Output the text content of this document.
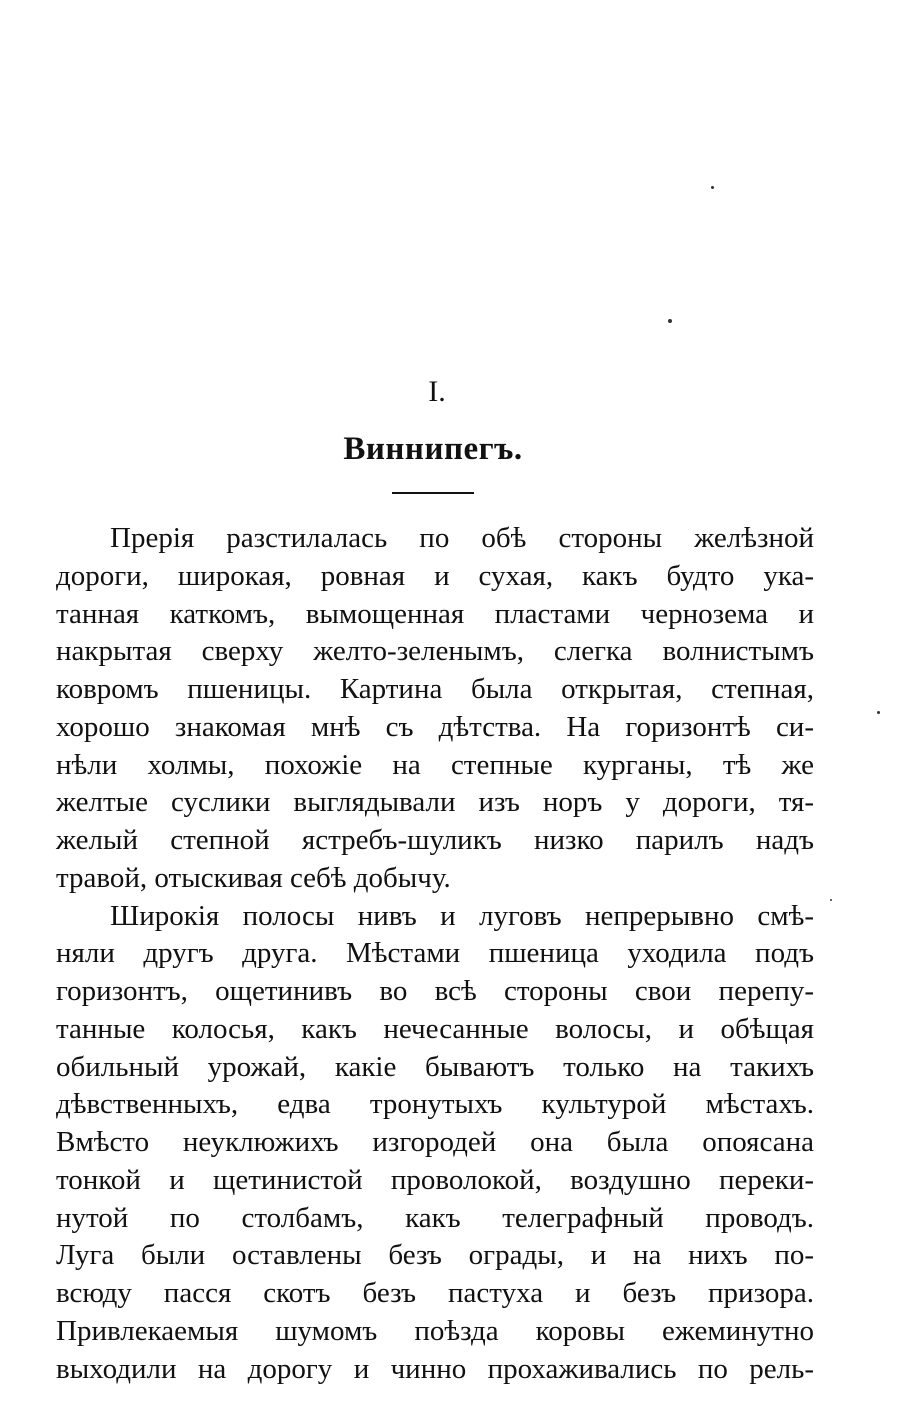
I.
Виннипегъ.
Прерія разстилалась по обѣ стороны желѣзной
дороги, широкая, ровная и сухая, какъ будто ука-
танная каткомъ, вымощенная пластами чернозема и
накрытая сверху желто-зеленымъ, слегка волнистымъ
ковромъ пшеницы. Картина была открытая, степная,
хорошо знакомая мнѣ съ дѣтства. На горизонтѣ си-
нѣли холмы, похожіе на степные курганы, тѣ же
желтые суслики выглядывали изъ норъ у дороги, тя-
желый степной ястребъ-шуликъ низко парилъ надъ
травой, отыскивая себѣ добычу.
Широкія полосы нивъ и луговъ непрерывно смѣ-
няли другъ друга. Мѣстами пшеница уходила подъ
горизонтъ, ощетинивъ во всѣ стороны свои перепу-
танные колосья, какъ нечесанные волосы, и обѣщая
обильный урожай, какіе бываютъ только на такихъ
дѣвственныхъ, едва тронутыхъ культурой мѣстахъ.
Вмѣсто неуклюжихъ изгородей она была опоясана
тонкой и щетинистой проволокой, воздушно переки-
нутой по столбамъ, какъ телеграфный проводъ.
Луга были оставлены безъ ограды, и на нихъ по-
всюду пасся скотъ безъ пастуха и безъ призора.
Привлекаемыя шумомъ поѣзда коровы ежеминутно
выходили на дорогу и чинно прохаживались по рель-
